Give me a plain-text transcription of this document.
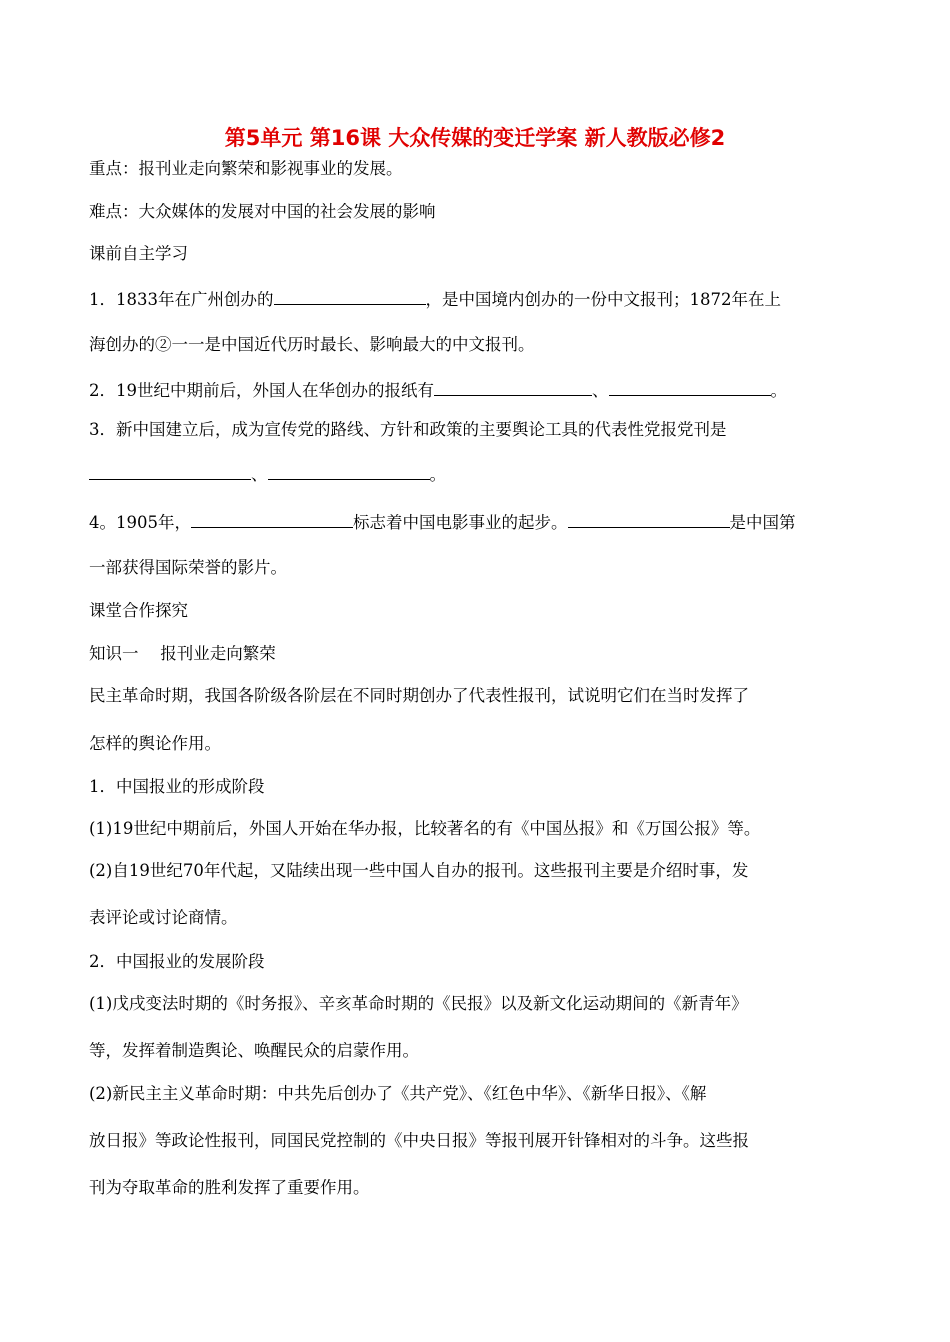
第5单元 第16课 大众传媒的变迁学案 新人教版必修2
重点：报刊业走向繁荣和影视事业的发展。
难点：大众媒体的发展对中国的社会发展的影响
课前自主学习
1．1833年在广州创办的	，是中国境内创办的一份中文报刊；1872年在上
海创办的②一一是中国近代历时最长、影响最大的中文报刊。
2．19世纪中期前后，外国人在华创办的报纸有	、	。
3．新中国建立后，成为宣传党的路线、方针和政策的主要舆论工具的代表性党报党刊是
、	。
4。1905年，	标志着中国电影事业的起步。	是中国第
一部获得国际荣誉的影片。
课堂合作探究
知识一　 报刊业走向繁荣
民主革命时期，我国各阶级各阶层在不同时期创办了代表性报刊，试说明它们在当时发挥了
怎样的舆论作用。
1．中国报业的形成阶段
(1)19世纪中期前后，外国人开始在华办报，比较著名的有《中国丛报》和《万国公报》等。
(2)自19世纪70年代起，又陆续出现一些中国人自办的报刊。这些报刊主要是介绍时事，发
表评论或讨论商情。
2．中国报业的发展阶段
(1)戊戌变法时期的《时务报》、辛亥革命时期的《民报》以及新文化运动期间的《新青年》
等，发挥着制造舆论、唤醒民众的启蒙作用。
(2)新民主主义革命时期：中共先后创办了《共产党》、《红色中华》、《新华日报》、《解
放日报》等政论性报刊，同国民党控制的《中央日报》等报刊展开针锋相对的斗争。这些报
刊为夺取革命的胜利发挥了重要作用。
